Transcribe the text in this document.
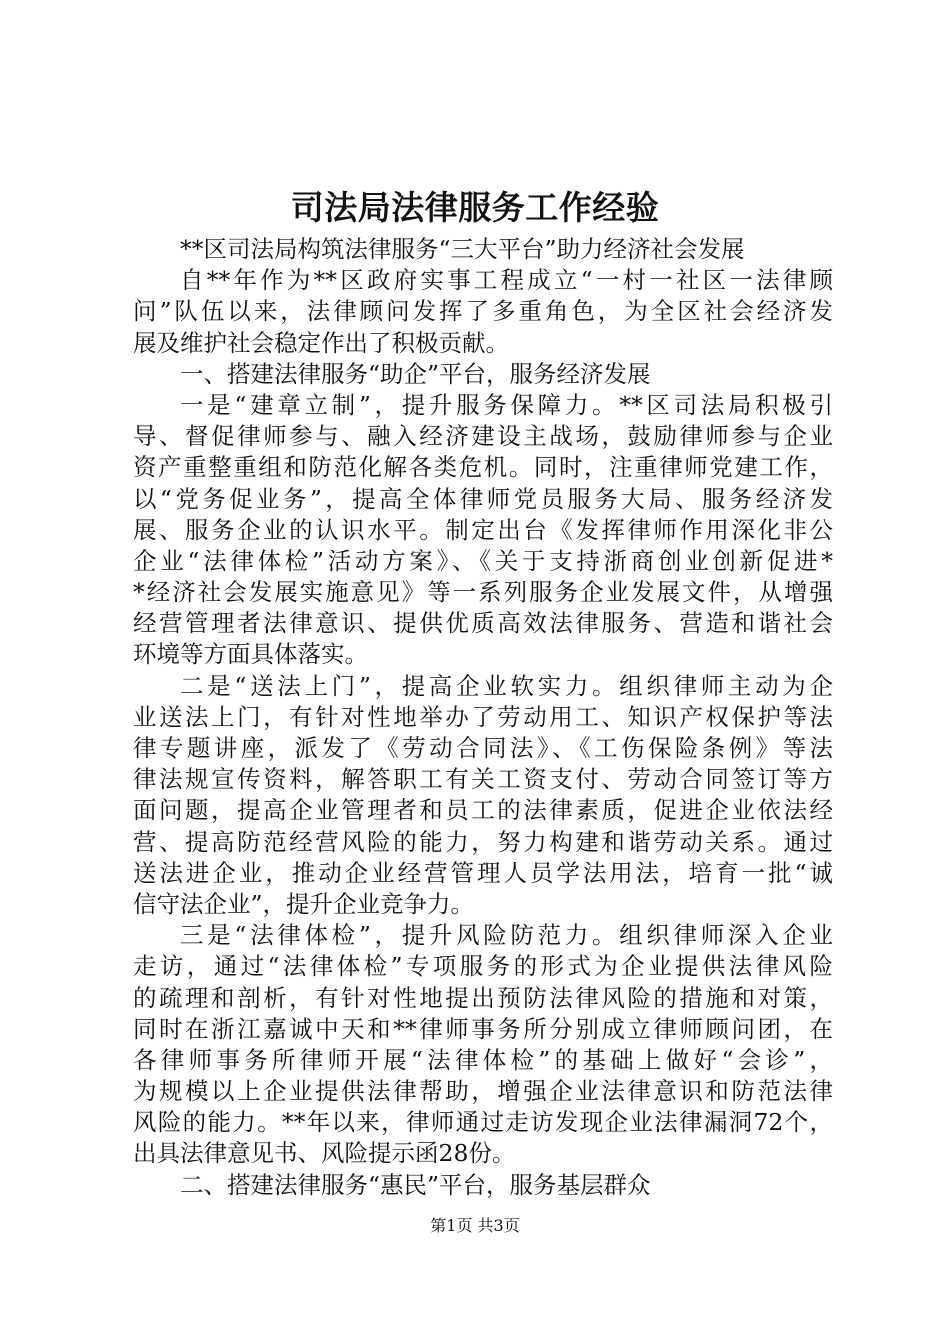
司法局法律服务工作经验
**区司法局构筑法律服务“三大平台”助力经济社会发展
自**年作为**区政府实事工程成立“一村一社区一法律顾
问”队伍以来，法律顾问发挥了多重角色，为全区社会经济发
展及维护社会稳定作出了积极贡献。
一、搭建法律服务“助企”平台，服务经济发展
一是“建章立制”，提升服务保障力。**区司法局积极引
导、督促律师参与、融入经济建设主战场，鼓励律师参与企业
资产重整重组和防范化解各类危机。同时，注重律师党建工作，
以“党务促业务”，提高全体律师党员服务大局、服务经济发
展、服务企业的认识水平。制定出台《发挥律师作用深化非公
企业“法律体检”活动方案》、《关于支持浙商创业创新促进*
*经济社会发展实施意见》等一系列服务企业发展文件，从增强
经营管理者法律意识、提供优质高效法律服务、营造和谐社会
环境等方面具体落实。
二是“送法上门”，提高企业软实力。组织律师主动为企
业送法上门，有针对性地举办了劳动用工、知识产权保护等法
律专题讲座，派发了《劳动合同法》、《工伤保险条例》等法
律法规宣传资料，解答职工有关工资支付、劳动合同签订等方
面问题，提高企业管理者和员工的法律素质，促进企业依法经
营、提高防范经营风险的能力，努力构建和谐劳动关系。通过
送法进企业，推动企业经营管理人员学法用法，培育一批“诚
信守法企业”，提升企业竞争力。
三是“法律体检”，提升风险防范力。组织律师深入企业
走访，通过“法律体检”专项服务的形式为企业提供法律风险
的疏理和剖析，有针对性地提出预防法律风险的措施和对策，
同时在浙江嘉诚中天和**律师事务所分别成立律师顾问团，在
各律师事务所律师开展“法律体检”的基础上做好“会诊”，
为规模以上企业提供法律帮助，增强企业法律意识和防范法律
风险的能力。**年以来，律师通过走访发现企业法律漏洞72个，
出具法律意见书、风险提示函28份。
二、搭建法律服务“惠民”平台，服务基层群众
第1页 共3页
